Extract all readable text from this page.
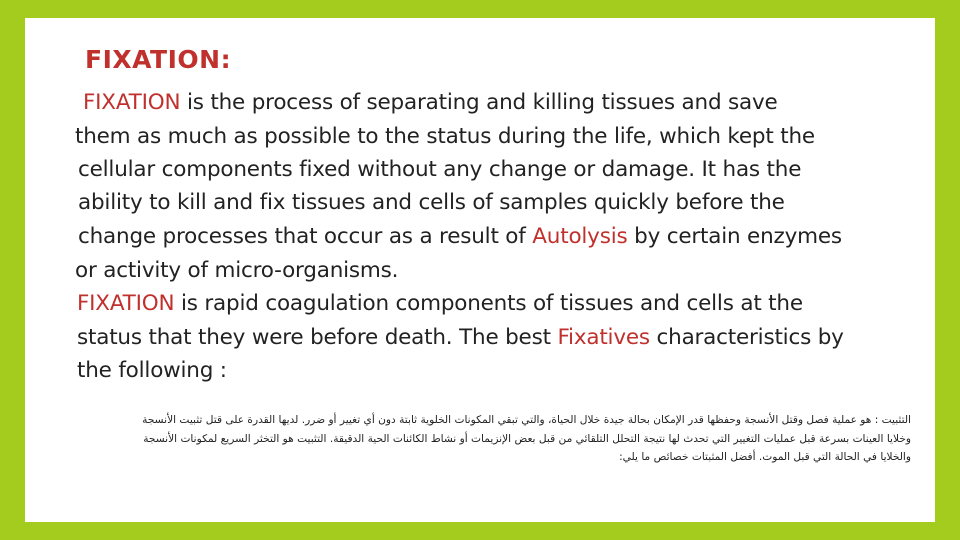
FIXATION:

FIXATION is the process of separating and killing tissues and save

them as much as possible to the status during the life, which kept the

cellular components fixed without any change or damage. It has the

ability to kill and fix tissues and cells of samples quickly before the

change processes that occur as a result of Autolysis by certain enzymes

or activity of micro-organisms.

FIXATION is rapid coagulation components of tissues and cells at the

status that they were before death. The best Fixatives characteristics by

the following :

التثبيت : هو عملية فصل وقتل الأنسجة وحفظها قدر الإمكان بحالة جيدة خلال الحياة، والتي تبقي المكونات الخلوية ثابتة دون أي تغيير أو ضرر. لديها القدرة على قتل تثبيت الأنسجة
وخلايا العينات بسرعة قبل عمليات التغيير التي تحدث لها نتيجة التحلل التلقائي من قبل بعض الإنزيمات أو نشاط الكائنات الحية الدقيقة. التثبيت هو التخثر السريع لمكونات الأنسجة
والخلايا في الحالة التي قبل الموت. أفضل المثبتات خصائص ما يلي:
